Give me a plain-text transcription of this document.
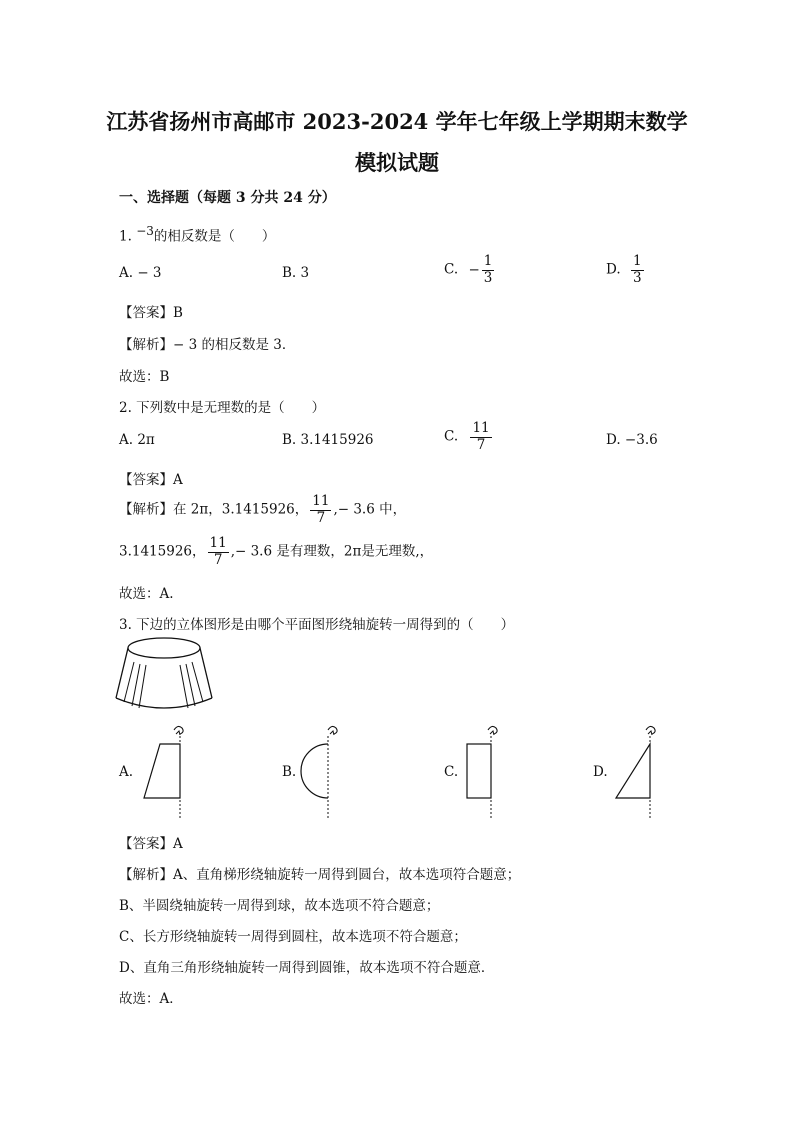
江苏省扬州市高邮市 2023-2024 学年七年级上学期期末数学
模拟试题
一、选择题（每题 3 分共 24 分）
1. $^{-3}$的相反数是（　　）
A. − 3	B. 3	C. − $\frac{1}{3}$	D. $\frac{1}{3}$
【答案】B
【解析】− 3 的相反数是 3．
故选：B
2. 下列数中是无理数的是（　　）
A. 2π	B. 3.1415926	C. $\frac{11}{7}$	D. −3.6
【答案】A
【解析】在 2π，3.1415926， $\frac{11}{7}$ ,− 3.6 中，
3.1415926， $\frac{11}{7}$ ,− 3.6 是有理数，2π是无理数,，
故选：A.
3. 下边的立体图形是由哪个平面图形绕轴旋转一周得到的（　　）
A.	B.	C.	D.
【答案】A
【解析】A、直角梯形绕轴旋转一周得到圆台，故本选项符合题意；
B、半圆绕轴旋转一周得到球，故本选项不符合题意；
C、长方形绕轴旋转一周得到圆柱，故本选项不符合题意；
D、直角三角形绕轴旋转一周得到圆锥，故本选项不符合题意．
故选：A．
